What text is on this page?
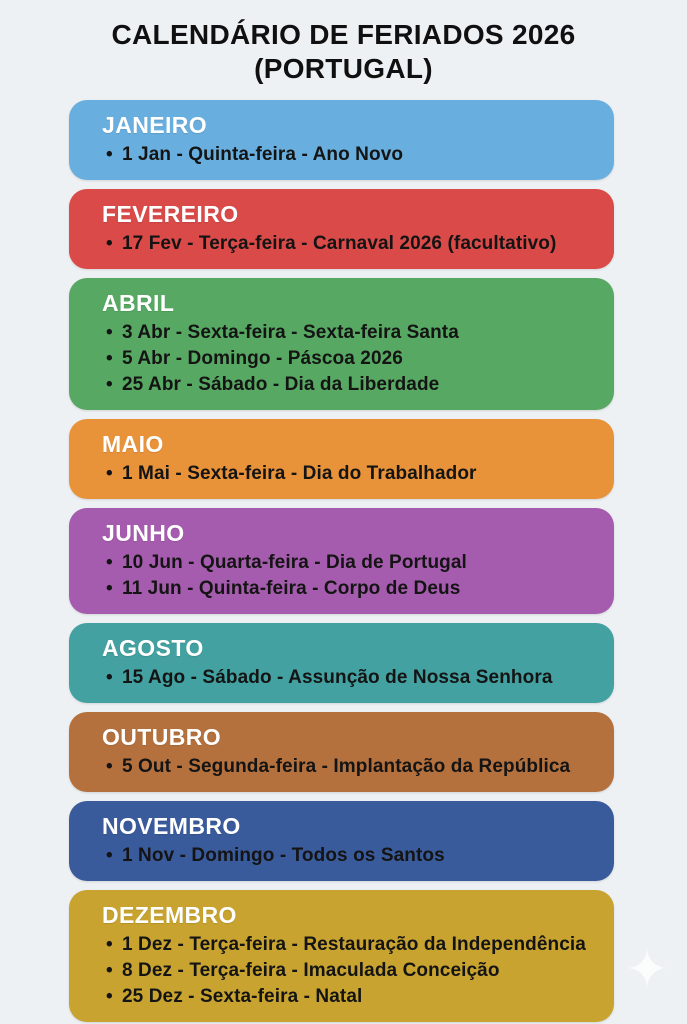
CALENDÁRIO DE FERIADOS 2026
(PORTUGAL)
JANEIRO
• 1 Jan - Quinta-feira - Ano Novo
FEVEREIRO
• 17 Fev - Terça-feira - Carnaval 2026 (facultativo)
ABRIL
• 3 Abr - Sexta-feira - Sexta-feira Santa
• 5 Abr - Domingo - Páscoa 2026
• 25 Abr - Sábado - Dia da Liberdade
MAIO
• 1 Mai - Sexta-feira - Dia do Trabalhador
JUNHO
• 10 Jun - Quarta-feira - Dia de Portugal
• 11 Jun - Quinta-feira - Corpo de Deus
AGOSTO
• 15 Ago - Sábado - Assunção de Nossa Senhora
OUTUBRO
• 5 Out - Segunda-feira - Implantação da República
NOVEMBRO
• 1 Nov - Domingo - Todos os Santos
DEZEMBRO
• 1 Dez - Terça-feira - Restauração da Independência
• 8 Dez - Terça-feira - Imaculada Conceição
• 25 Dez - Sexta-feira - Natal	✦
